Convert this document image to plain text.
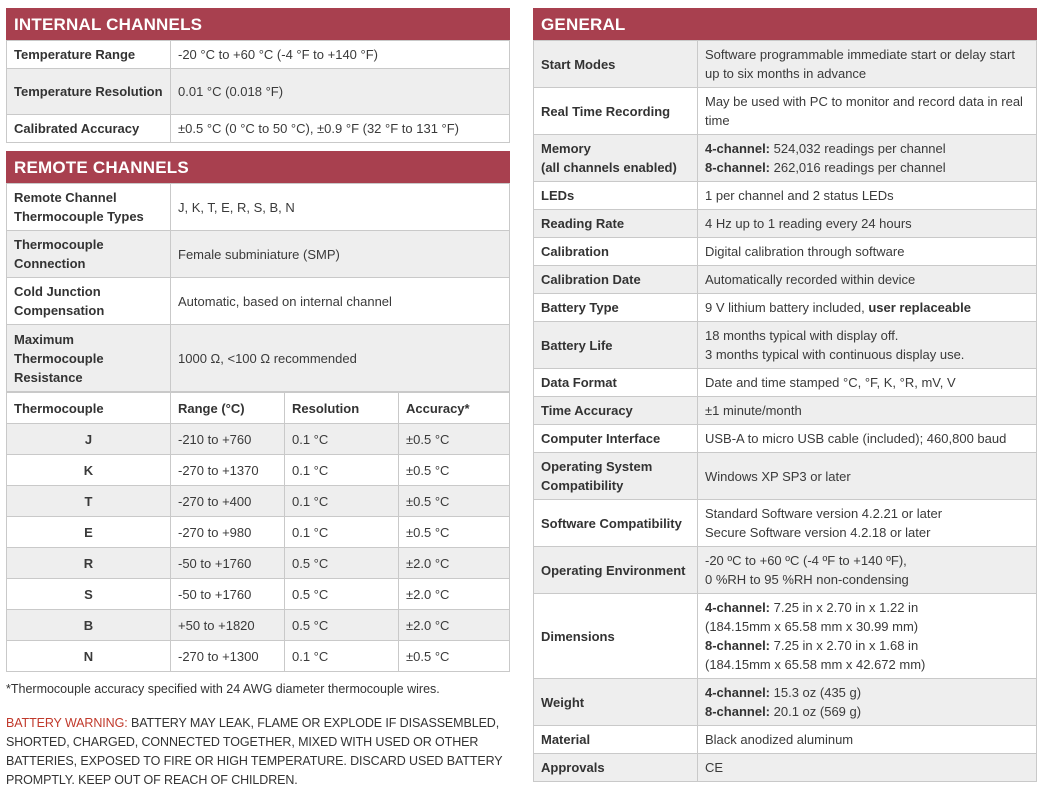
INTERNAL CHANNELS
Temperature Range	-20 °C to +60 °C (-4 °F to +140 °F)
Temperature Resolution	0.01 °C (0.018 °F)
Calibrated Accuracy	±0.5 °C (0 °C to 50 °C), ±0.9 °F (32 °F to 131 °F)
REMOTE CHANNELS
Remote Channel Thermocouple Types	J, K, T, E, R, S, B, N
Thermocouple Connection	Female subminiature (SMP)
Cold Junction Compensation	Automatic, based on internal channel
Maximum Thermocouple Resistance	1000 Ω, <100 Ω recommended
Thermocouple	Range (°C)	Resolution	Accuracy*
J	-210 to +760	0.1 °C	±0.5 °C
K	-270 to +1370	0.1 °C	±0.5 °C
T	-270 to +400	0.1 °C	±0.5 °C
E	-270 to +980	0.1 °C	±0.5 °C
R	-50 to +1760	0.5 °C	±2.0 °C
S	-50 to +1760	0.5 °C	±2.0 °C
B	+50 to +1820	0.5 °C	±2.0 °C
N	-270 to +1300	0.1 °C	±0.5 °C
*Thermocouple accuracy specified with 24 AWG diameter thermocouple wires.
BATTERY WARNING: BATTERY MAY LEAK, FLAME OR EXPLODE IF DISASSEMBLED, SHORTED, CHARGED, CONNECTED TOGETHER, MIXED WITH USED OR OTHER BATTERIES, EXPOSED TO FIRE OR HIGH TEMPERATURE. DISCARD USED BATTERY PROMPTLY. KEEP OUT OF REACH OF CHILDREN.
GENERAL
Start Modes	Software programmable immediate start or delay start up to six months in advance
Real Time Recording	May be used with PC to monitor and record data in real time
Memory
(all channels enabled)	4-channel: 524,032 readings per channel
8-channel: 262,016 readings per channel
LEDs	1 per channel and 2 status LEDs
Reading Rate	4 Hz up to 1 reading every 24 hours
Calibration	Digital calibration through software
Calibration Date	Automatically recorded within device
Battery Type	9 V lithium battery included, user replaceable
Battery Life	18 months typical with display off.
3 months typical with continuous display use.
Data Format	Date and time stamped °C, °F, K, °R, mV, V
Time Accuracy	±1 minute/month
Computer Interface	USB-A to micro USB cable (included); 460,800 baud
Operating System Compatibility	Windows XP SP3 or later
Software Compatibility	Standard Software version 4.2.21 or later
Secure Software version 4.2.18 or later
Operating Environment	-20 ºC to +60 ºC (-4 ºF to +140 ºF),
0 %RH to 95 %RH non-condensing
Dimensions	4-channel: 7.25 in x 2.70 in x 1.22 in
(184.15mm x 65.58 mm x 30.99 mm)
8-channel: 7.25 in x 2.70 in x 1.68 in
(184.15mm x 65.58 mm x 42.672 mm)
Weight	4-channel: 15.3 oz (435 g)
8-channel: 20.1 oz (569 g)
Material	Black anodized aluminum
Approvals	CE
